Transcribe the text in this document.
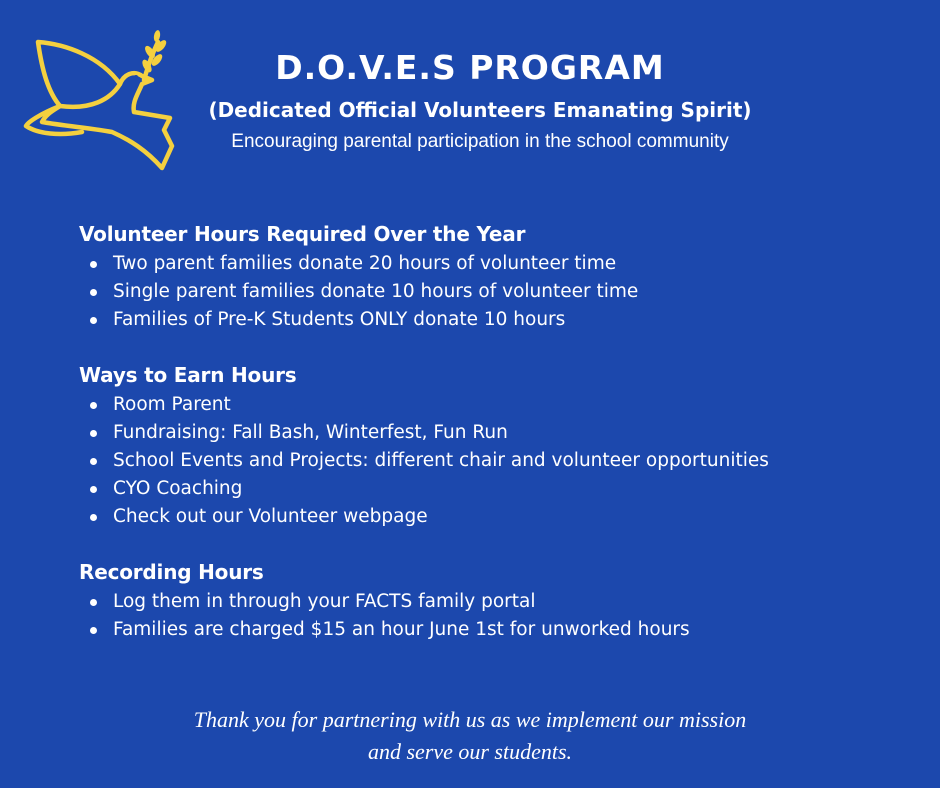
D.O.V.E.S PROGRAM

(Dedicated Official Volunteers Emanating Spirit)

Encouraging parental participation in the school community

Volunteer Hours Required Over the Year
Two parent families donate 20 hours of volunteer time
Single parent families donate 10 hours of volunteer time
Families of Pre-K Students ONLY donate 10 hours
Ways to Earn Hours
Room Parent
Fundraising: Fall Bash, Winterfest, Fun Run
School Events and Projects: different chair and volunteer opportunities
CYO Coaching
Check out our Volunteer webpage
Recording Hours
Log them in through your FACTS family portal
Families are charged $15 an hour June 1st for unworked hours

Thank you for partnering with us as we implement our mission
and serve our students.
